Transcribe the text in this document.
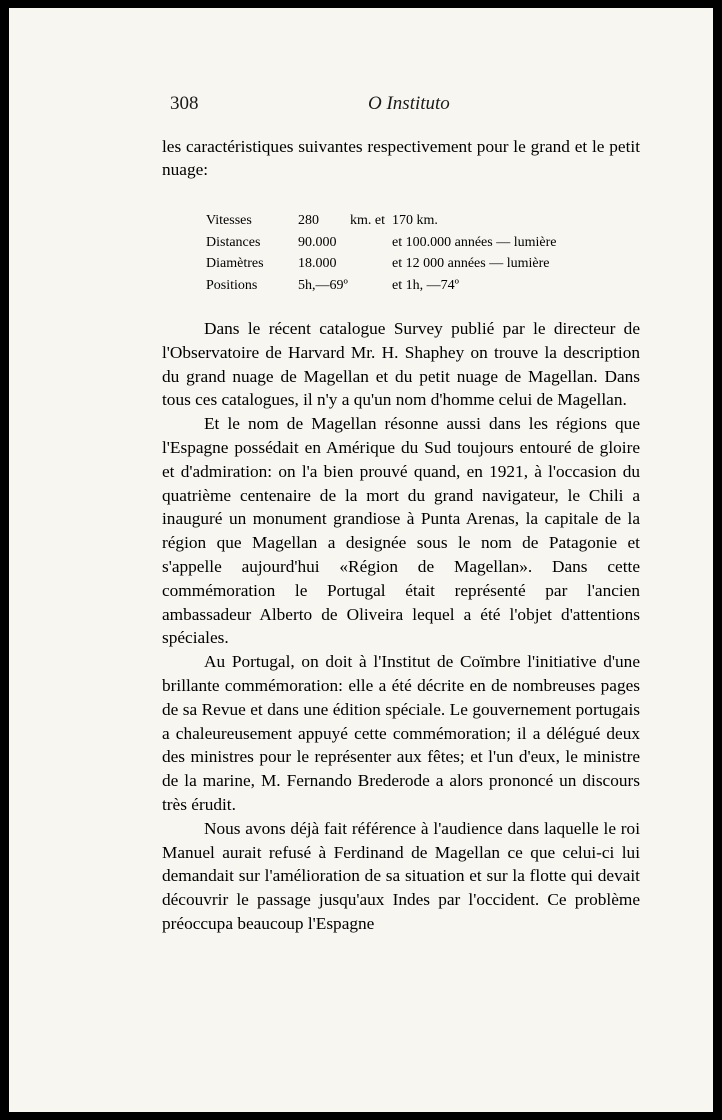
308	O Instituto

les caractéristiques suivantes respectivement pour le grand et le petit nuage:

Vitesses	280	km. et	170 km.
Distances	90.000		et 100.000 années — lumière
Diamètres	18.000		et 12 000 années — lumière
Positions	5h,—69º		et 1h, —74º

Dans le récent catalogue Survey publié par le directeur de l'Observatoire de Harvard Mr. H. Shaphey on trouve la description du grand nuage de Magellan et du petit nuage de Magellan. Dans tous ces catalogues, il n'y a qu'un nom d'homme celui de Magellan.

Et le nom de Magellan résonne aussi dans les régions que l'Espagne possédait en Amérique du Sud toujours entouré de gloire et d'admiration: on l'a bien prouvé quand, en 1921, à l'occasion du quatrième centenaire de la mort du grand navigateur, le Chili a inauguré un monument grandiose à Punta Arenas, la capitale de la région que Magellan a designée sous le nom de Patagonie et s'appelle aujourd'hui «Région de Magellan». Dans cette commémoration le Portugal était représenté par l'ancien ambassadeur Alberto de Oliveira lequel a été l'objet d'attentions spéciales.

Au Portugal, on doit à l'Institut de Coïmbre l'initiative d'une brillante commémoration: elle a été décrite en de nombreuses pages de sa Revue et dans une édition spéciale. Le gouvernement portugais a chaleureusement appuyé cette commémoration; il a délégué deux des ministres pour le représenter aux fêtes; et l'un d'eux, le ministre de la marine, M. Fernando Brederode a alors prononcé un discours très érudit.

Nous avons déjà fait référence à l'audience dans laquelle le roi Manuel aurait refusé à Ferdinand de Magellan ce que celui-ci lui demandait sur l'amélioration de sa situation et sur la flotte qui devait découvrir le passage jusqu'aux Indes par l'occident. Ce problème préoccupa beaucoup l'Espagne
